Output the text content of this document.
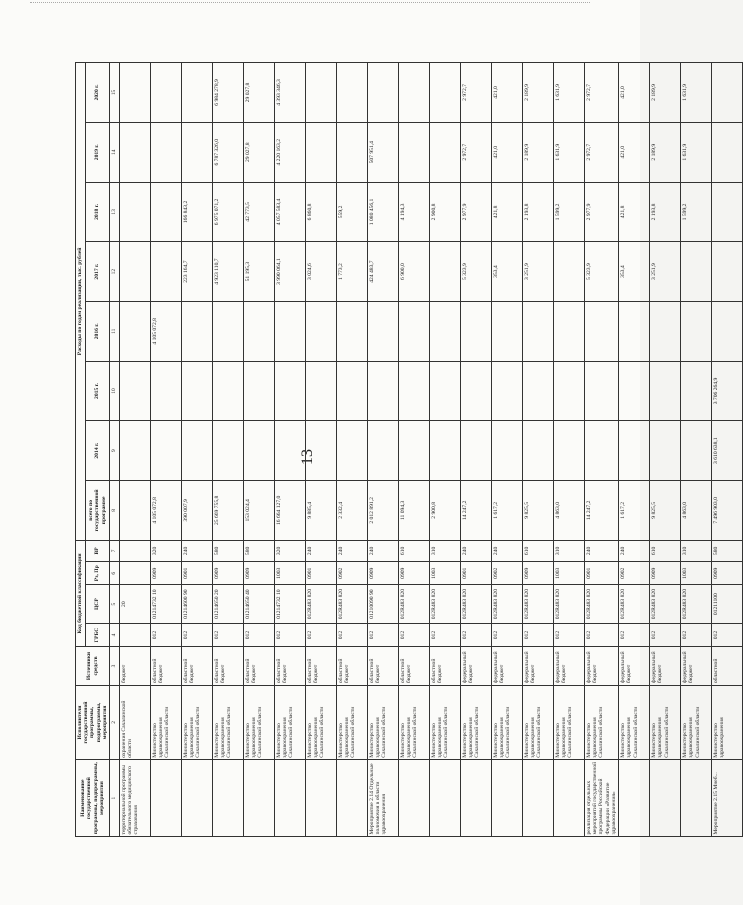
13
Наименование государственной программы, подпрограммы, мероприятия	Исполнители государственной программы, подпрограммы, мероприятия	Источники средств	Код бюджетной классификации				Расходы по годам реализации, тыс. рублей							
			ГРБС	ЦСР	Рз, Пр	ВР	всего по государственной программе	2014 г.	2015 г.	2016 г.	2017 г.	2018 г.	2019 г.	2020 г.
1	2	3	4	5	6	7	8	9	10	11	12	13	14	15
территориальной программы обязательного медицинского страхования	охранения Сахалинской области	бюджет		20										
	Министерство здравоохранения Сахалинской области	областной бюджет	012	01214732 10	0909	320	4 105 072,8			4 105 072,8				
	Министерство здравоохранения Сахалинской области	областной бюджет	012	01214600 90	0901	240	390 007,9				223 164,7	166 843,2		
	Министерство здравоохранения Сахалинской области	областной бюджет	012	01214650 20	0909	580	25 669 755,8				4 923 110,7	6 975 071,2	6 787 326,0	6 984 278,9
	Министерство здравоохранения Сахалинской области	областной бюджет	012	01214650 40	0909	580	153 024,4				51 195,3	42 773,5	29 027,8	29 027,8
	Министерство здравоохранения Сахалинской области	областной бюджет	012	01214732 10	1003	320	16 664 127,0				3 990 064,1	4 057 583,4	4 220 163,2	4 393 346,3
	Министерство здравоохранения Сахалинской области	областной бюджет	012	012R483 820	0901	240	9 885,4				3 024,6	6 860,8		
	Министерство здравоохранения Сахалинской области	областной бюджет	012	012R483 820	0902	240	2 332,4				1 773,2	559,2		
Мероприятие 2.14 Отдельные полномочия в области здравоохранения	Министерство здравоохранения Сахалинской области	областной бюджет	012	01210090 90	0909	240	2 012 891,2				424 483,7	1 080 456,1	507 951,4	
	Министерство здравоохранения Сахалинской области	областной бюджет	012	012R483 820	0909	610	11 094,3				6 900,0	4 194,3		
	Министерство здравоохранения Сахалинской области	областной бюджет	012	012R483 820	1003	310	2 900,8					2 900,8		
	Министерство здравоохранения Сахалинской области	федеральный бюджет	012	012R483 820	0901	240	14 247,2				5 323,9	2 977,9	2 972,7	2 972,7
	Министерство здравоохранения Сахалинской области	федеральный бюджет	012	012R483 820	0902	240	1 617,2				353,4	421,8	421,0	421,0
	Министерство здравоохранения Сахалинской области	федеральный бюджет	012	012R483 820	0909	610	9 825,5				3 251,9	2 193,8	2 189,9	2 189,9
	Министерство здравоохранения Сахалинской области	федеральный бюджет	012	012R483 820	1003	310	4 863,0					1 599,2	1 631,9	1 631,9
реализация отдельных мероприятий государственной программы Российской Федерации «Развитие здравоохранения»	Министерство здравоохранения Сахалинской области	федеральный бюджет	012	012R483 820	0901	240	14 247,2				5 323,9	2 977,9	2 972,7	2 972,7
	Министерство здравоохранения Сахалинской области	федеральный бюджет	012	012R483 820	0902	240	1 617,2				353,4	421,8	421,0	421,0
	Министерство здравоохранения Сахалинской области	федеральный бюджет	012	012R483 820	0909	610	9 825,5				3 251,9	2 193,8	2 189,9	2 189,9
	Министерство здравоохранения Сахалинской области	федеральный бюджет	012	012R483 820	1003	310	4 863,0					1 599,2	1 631,9	1 631,9
Мероприятие 2.15 Мнеб...	Министерство здравоохранения	областной	012	01211100	0909	580	7 496 903,0	3 610 638,1	3 706 264,9					
